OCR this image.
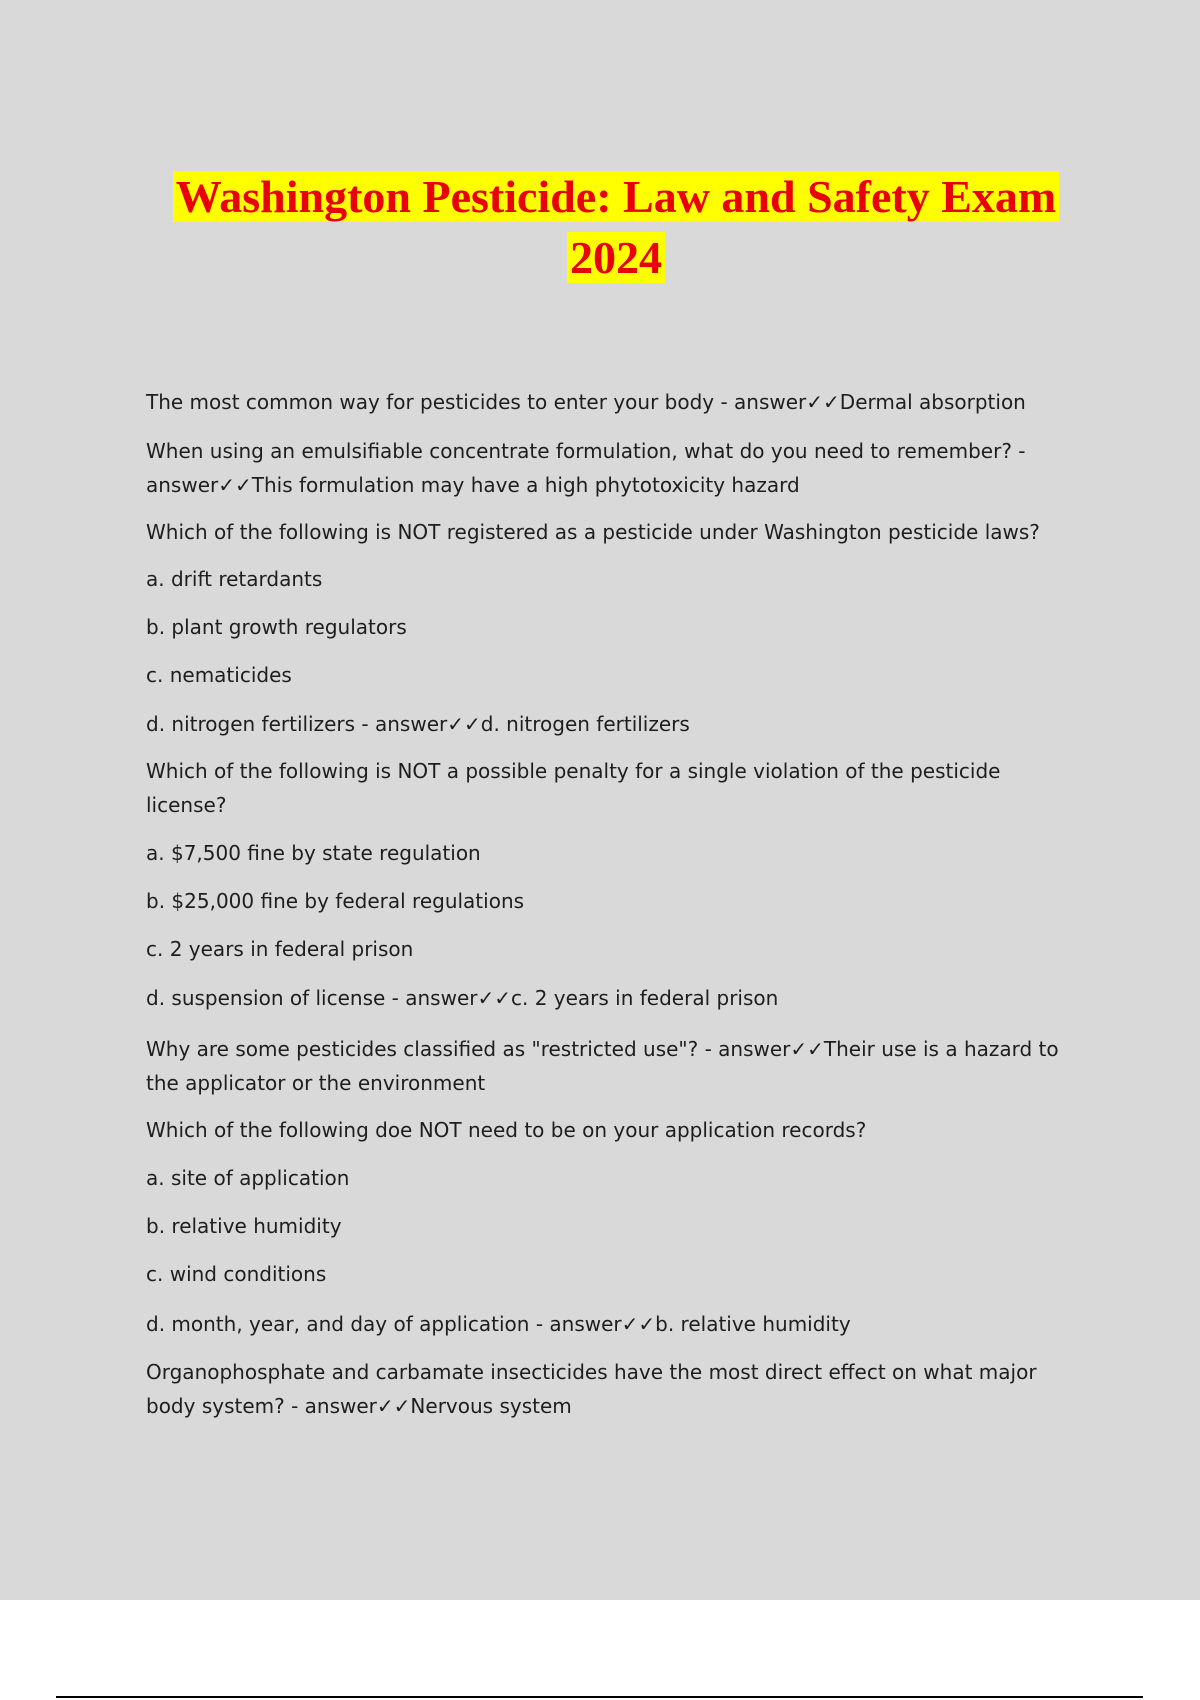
Washington Pesticide: Law and Safety Exam
2024

The most common way for pesticides to enter your body - answer✓✓Dermal absorption

When using an emulsifiable concentrate formulation, what do you need to remember? - answer✓✓This formulation may have a high phytotoxicity hazard

Which of the following is NOT registered as a pesticide under Washington pesticide laws?

a. drift retardants

b. plant growth regulators

c. nematicides

d. nitrogen fertilizers - answer✓✓d. nitrogen fertilizers

Which of the following is NOT a possible penalty for a single violation of the pesticide license?

a. $7,500 fine by state regulation

b. $25,000 fine by federal regulations

c. 2 years in federal prison

d. suspension of license - answer✓✓c. 2 years in federal prison

Why are some pesticides classified as "restricted use"? - answer✓✓Their use is a hazard to the applicator or the environment

Which of the following doe NOT need to be on your application records?

a. site of application

b. relative humidity

c. wind conditions

d. month, year, and day of application - answer✓✓b. relative humidity

Organophosphate and carbamate insecticides have the most direct effect on what major body system? - answer✓✓Nervous system
